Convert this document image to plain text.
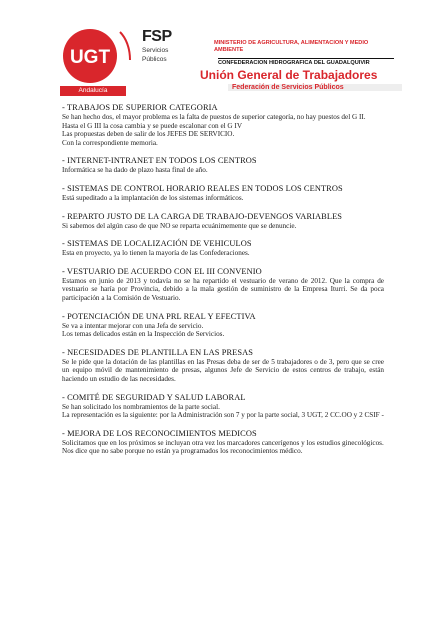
UGT
FSP
Servicios
Públicos
Andalucía
MINISTERIO DE AGRICULTURA, ALIMENTACION Y MEDIO AMBIENTE
CONFEDERACION HIDROGRAFICA DEL GUADALQUIVIR
Unión General de Trabajadores
Federación de Servicios Públicos
- TRABAJOS DE SUPERIOR CATEGORIA
Se han hecho dos, el mayor problema es la falta de puestos de superior categoría, no hay puestos del G II.
Hasta el G III la cosa cambia y se puede escalonar con el G IV
Las propuestas deben de salir de los JEFES DE SERVICIO.
Con la correspondiente memoria.
- INTERNET-INTRANET EN TODOS LOS CENTROS
Informática se ha dado de plazo hasta final de año.
- SISTEMAS DE CONTROL HORARIO REALES EN TODOS LOS CENTROS
Está supeditado a la implantación de los sistemas informáticos.
- REPARTO JUSTO DE LA CARGA DE TRABAJO-DEVENGOS VARIABLES
Si sabemos del algún caso de que NO se reparta ecuánimemente que se denuncie.
- SISTEMAS DE LOCALIZACIÓN DE VEHICULOS
Esta en proyecto, ya lo tienen la mayoría de las Confederaciones.
- VESTUARIO DE ACUERDO CON EL III CONVENIO
Estamos en junio de 2013 y todavía no se ha repartido el vestuario de verano de 2012. Que la compra de vestuario se haría por Provincia, debido a la mala gestión de suministro de la Empresa Iturri. Se da poca participación a la Comisión de Vestuario.
- POTENCIACIÓN DE UNA PRL REAL Y EFECTIVA
Se va a intentar mejorar con una Jefa de servicio.
Los temas delicados están en la Inspección de Servicios.
- NECESIDADES DE PLANTILLA EN LAS PRESAS
Se le pide que la dotación de las plantillas en las Presas deba de ser de 5 trabajadores o de 3, pero que se cree un equipo móvil de mantenimiento de presas, algunos Jefe de Servicio de estos centros de trabajo, están haciendo un estudio de las necesidades.
- COMITÉ DE SEGURIDAD Y SALUD LABORAL
Se han solicitado los nombramientos de la parte social.
La representación es la siguiente: por la Administración son 7 y por la parte social, 3 UGT, 2 CC.OO y 2 CSIF -
- MEJORA DE LOS RECONOCIMIENTOS MEDICOS
Solicitamos que en los próximos se incluyan otra vez los marcadores cancerígenos y los estudios ginecológicos.
Nos dice que no sabe porque no están ya programados los reconocimientos médico.
